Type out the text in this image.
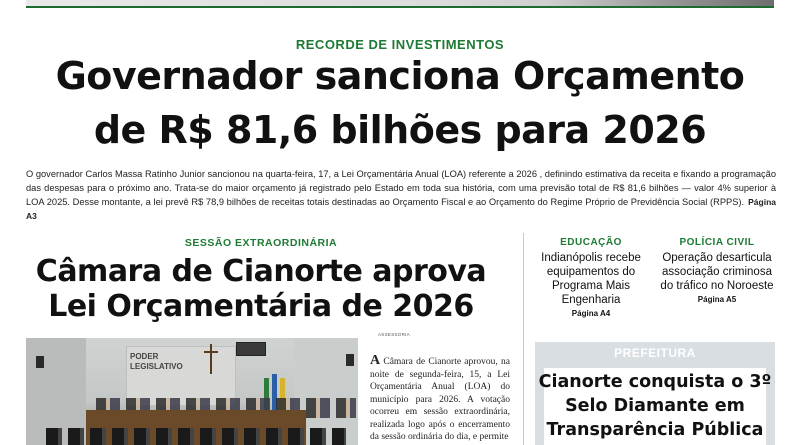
RECORDE DE INVESTIMENTOS
Governador sanciona Orçamento
de R$ 81,6 bilhões para 2026

O governador Carlos Massa Ratinho Junior sancionou na quarta-feira, 17, a Lei Orçamentária Anual (LOA) referente a 2026 , definindo estimativa da receita e fixando a programação das despesas para o próximo ano. Trata-se do maior orçamento já registrado pelo Estado em toda sua história, com uma previsão total de R$ 81,6 bilhões — valor 4% superior à LOA 2025. Desse montante, a lei prevê R$ 78,9 bilhões de receitas totais destinadas ao Orçamento Fiscal e ao Orçamento do Regime Próprio de Previdência Social (RPPS). Página A3

SESSÃO EXTRAORDINÁRIA
Câmara de Cianorte aprova
Lei Orçamentária de 2026
ASSESSORIA
PODER
LEGISLATIVO	A Câmara de Cianorte aprovou, na noite de segunda-feira, 15, a Lei Orçamentária Anual (LOA) do município para 2026. A votação ocorreu em sessão extraordinária, realizada logo após o encerramento da sessão ordinária do dia, e permite

EDUCAÇÃO
Indianópolis recebe equipamentos do Programa Mais Engenharia
Página A4
POLÍCIA CIVIL
Operação desarticula associação criminosa do tráfico no Noroeste
Página A5
PREFEITURA
Cianorte conquista o 3º Selo Diamante em Transparência Pública
